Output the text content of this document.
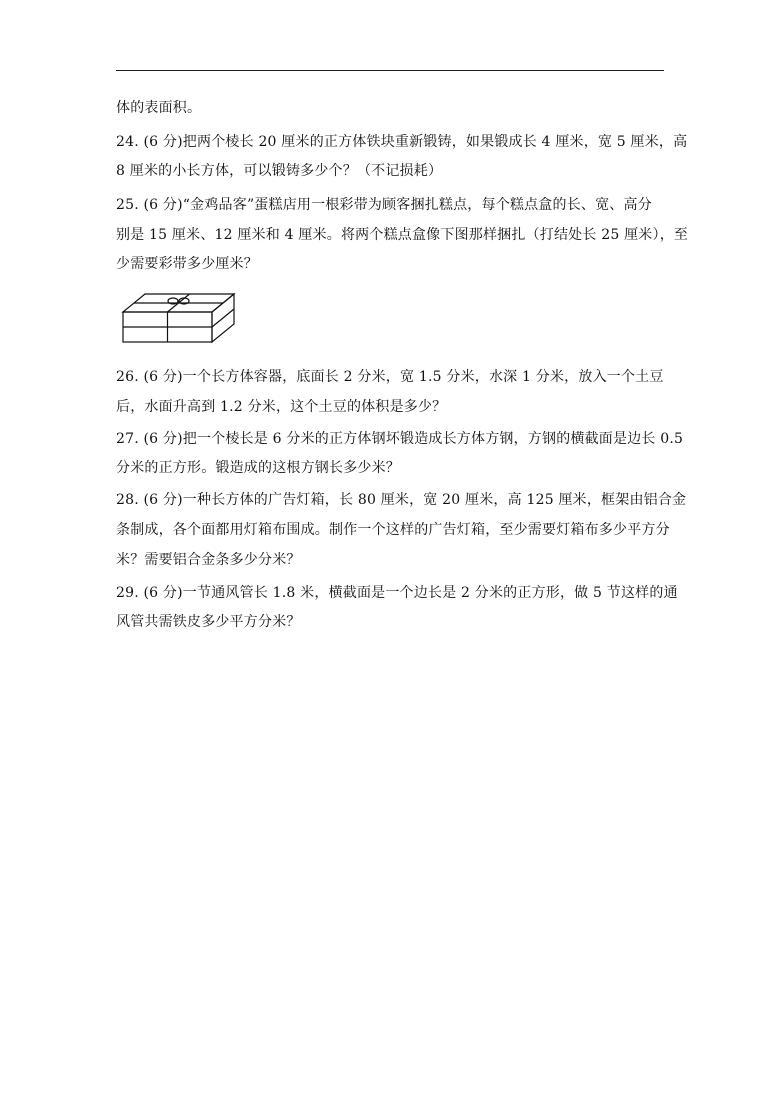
体的表面积。
24. (6 分)把两个棱长 20 厘米的正方体铁块重新锻铸，如果锻成长 4 厘米，宽 5 厘米，高
8 厘米的小长方体，可以锻铸多少个？（不记损耗）
25. (6 分)“金鸡品客”蛋糕店用一根彩带为顾客捆扎糕点，每个糕点盒的长、宽、高分
别是 15 厘米、12 厘米和 4 厘米。将两个糕点盒像下图那样捆扎（打结处长 25 厘米），至
少需要彩带多少厘米？
26. (6 分)一个长方体容器，底面长 2 分米，宽 1.5 分米，水深 1 分米，放入一个土豆
后，水面升高到 1.2 分米，这个土豆的体积是多少？
27. (6 分)把一个棱长是 6 分米的正方体钢坏锻造成长方体方钢，方钢的横截面是边长 0.5
分米的正方形。锻造成的这根方钢长多少米？
28. (6 分)一种长方体的广告灯箱，长 80 厘米，宽 20 厘米，高 125 厘米，框架由铝合金
条制成，各个面都用灯箱布围成。制作一个这样的广告灯箱，至少需要灯箱布多少平方分
米？需要铝合金条多少分米？
29. (6 分)一节通风管长 1.8 米，横截面是一个边长是 2 分米的正方形，做 5 节这样的通
风管共需铁皮多少平方分米？
